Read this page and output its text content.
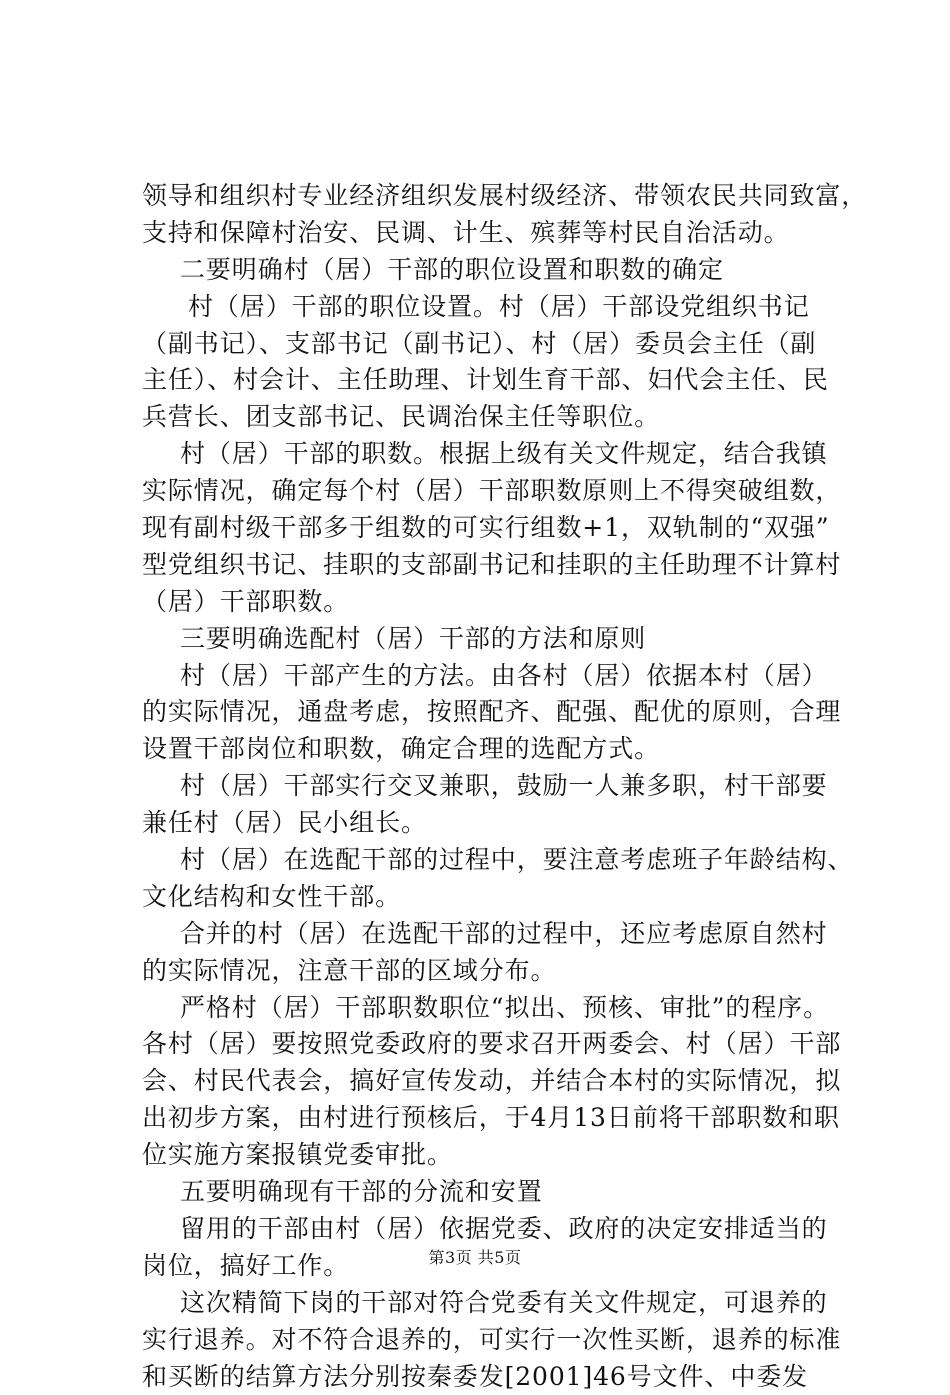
领导和组织村专业经济组织发展村级经济、带领农民共同致富，
支持和保障村治安、民调、计生、殡葬等村民自治活动。
二要明确村（居）干部的职位设置和职数的确定
村（居）干部的职位设置。村（居）干部设党组织书记
（副书记）、支部书记（副书记）、村（居）委员会主任（副
主任）、村会计、主任助理、计划生育干部、妇代会主任、民
兵营长、团支部书记、民调治保主任等职位。
村（居）干部的职数。根据上级有关文件规定，结合我镇
实际情况，确定每个村（居）干部职数原则上不得突破组数，
现有副村级干部多于组数的可实行组数+1，双轨制的“双强”
型党组织书记、挂职的支部副书记和挂职的主任助理不计算村
（居）干部职数。
三要明确选配村（居）干部的方法和原则
村（居）干部产生的方法。由各村（居）依据本村（居）
的实际情况，通盘考虑，按照配齐、配强、配优的原则，合理
设置干部岗位和职数，确定合理的选配方式。
村（居）干部实行交叉兼职，鼓励一人兼多职，村干部要
兼任村（居）民小组长。
村（居）在选配干部的过程中，要注意考虑班子年龄结构、
文化结构和女性干部。
合并的村（居）在选配干部的过程中，还应考虑原自然村
的实际情况，注意干部的区域分布。
严格村（居）干部职数职位“拟出、预核、审批”的程序。
各村（居）要按照党委政府的要求召开两委会、村（居）干部
会、村民代表会，搞好宣传发动，并结合本村的实际情况，拟
出初步方案，由村进行预核后，于4月13日前将干部职数和职
位实施方案报镇党委审批。
五要明确现有干部的分流和安置
留用的干部由村（居）依据党委、政府的决定安排适当的
岗位，搞好工作。
这次精简下岗的干部对符合党委有关文件规定，可退养的
实行退养。对不符合退养的，可实行一次性买断，退养的标准
和买断的结算方法分别按秦委发[2001]46号文件、中委发
第3页 共5页
